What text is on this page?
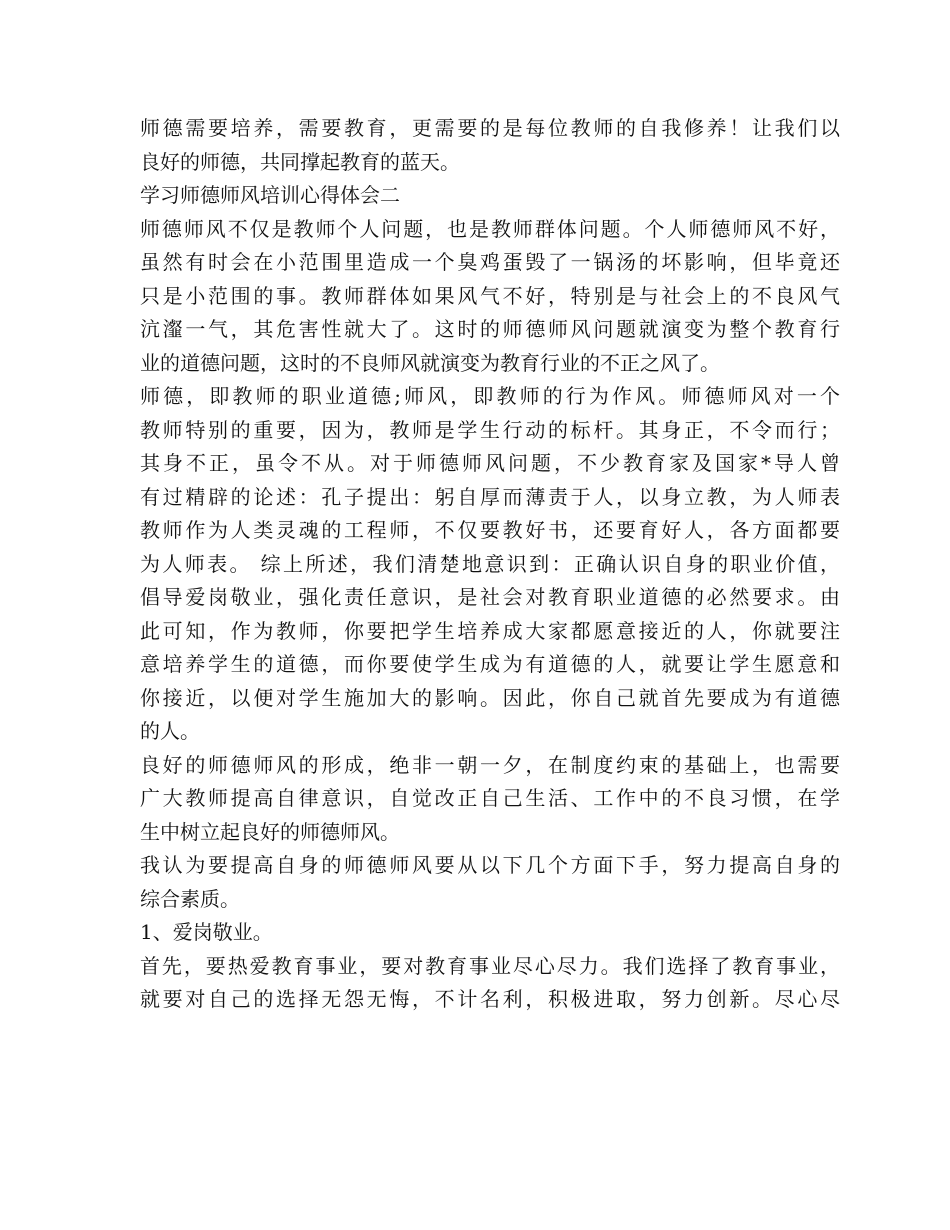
师德需要培养，需要教育，更需要的是每位教师的自我修养！让我们以
良好的师德，共同撑起教育的蓝天。
学习师德师风培训心得体会二
师德师风不仅是教师个人问题，也是教师群体问题。个人师德师风不好，
虽然有时会在小范围里造成一个臭鸡蛋毁了一锅汤的坏影响，但毕竟还
只是小范围的事。教师群体如果风气不好，特别是与社会上的不良风气
沆瀣一气，其危害性就大了。这时的师德师风问题就演变为整个教育行
业的道德问题，这时的不良师风就演变为教育行业的不正之风了。
师德，即教师的职业道德;师风，即教师的行为作风。师德师风对一个
教师特别的重要，因为，教师是学生行动的标杆。其身正，不令而行；
其身不正，虽令不从。对于师德师风问题，不少教育家及国家*导人曾
有过精辟的论述：孔子提出：躬自厚而薄责于人，以身立教，为人师表
教师作为人类灵魂的工程师，不仅要教好书，还要育好人，各方面都要
为人师表。 综上所述，我们清楚地意识到：正确认识自身的职业价值，
倡导爱岗敬业，强化责任意识，是社会对教育职业道德的必然要求。由
此可知，作为教师，你要把学生培养成大家都愿意接近的人，你就要注
意培养学生的道德，而你要使学生成为有道德的人，就要让学生愿意和
你接近，以便对学生施加大的影响。因此，你自己就首先要成为有道德
的人。
良好的师德师风的形成，绝非一朝一夕，在制度约束的基础上，也需要
广大教师提高自律意识，自觉改正自己生活、工作中的不良习惯，在学
生中树立起良好的师德师风。
我认为要提高自身的师德师风要从以下几个方面下手，努力提高自身的
综合素质。
1、爱岗敬业。
首先，要热爱教育事业，要对教育事业尽心尽力。我们选择了教育事业，
就要对自己的选择无怨无悔，不计名利，积极进取，努力创新。尽心尽
